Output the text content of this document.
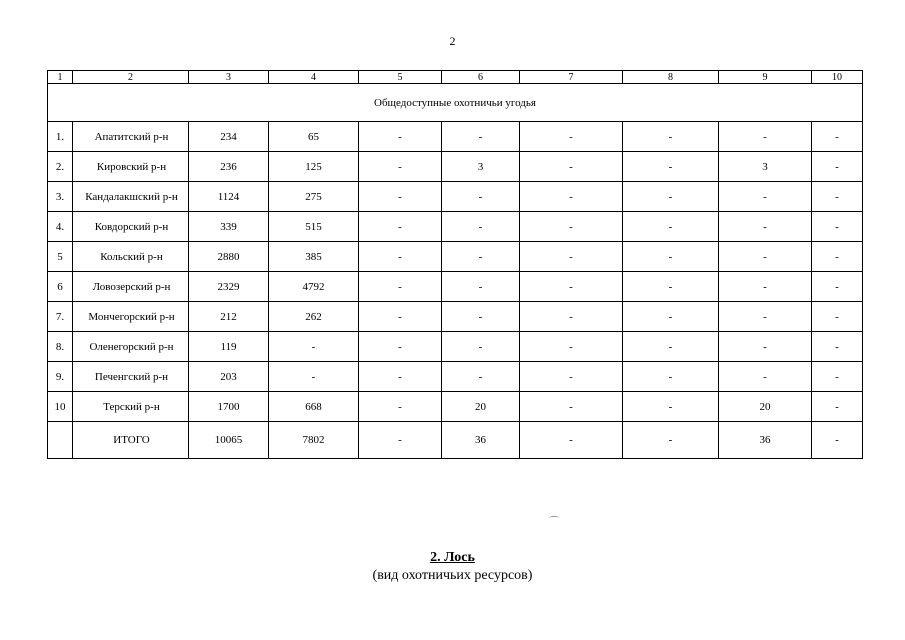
2
1	2	3	4	5	6	7	8	9	10
Общедоступные охотничьи угодья									
1.	Апатитский р-н	234	65	-	-	-	-	-	-
2.	Кировский р-н	236	125	-	3	-	-	3	-
3.	Кандалакшский р-н	1124	275	-	-	-	-	-	-
4.	Ковдорский р-н	339	515	-	-	-	-	-	-
5	Кольский р-н	2880	385	-	-	-	-	-	-
6	Ловозерский р-н	2329	4792	-	-	-	-	-	-
7.	Мончегорский р-н	212	262	-	-	-	-	-	-
8.	Оленегорский р-н	119	-	-	-	-	-	-	-
9.	Печенгский р-н	203	-	-	-	-	-	-	-
10	Терский р-н	1700	668	-	20	-	-	20	-
	ИТОГО	10065	7802	-	36	-	-	36	-
⌒
2. Лось
(вид охотничьих ресурсов)
